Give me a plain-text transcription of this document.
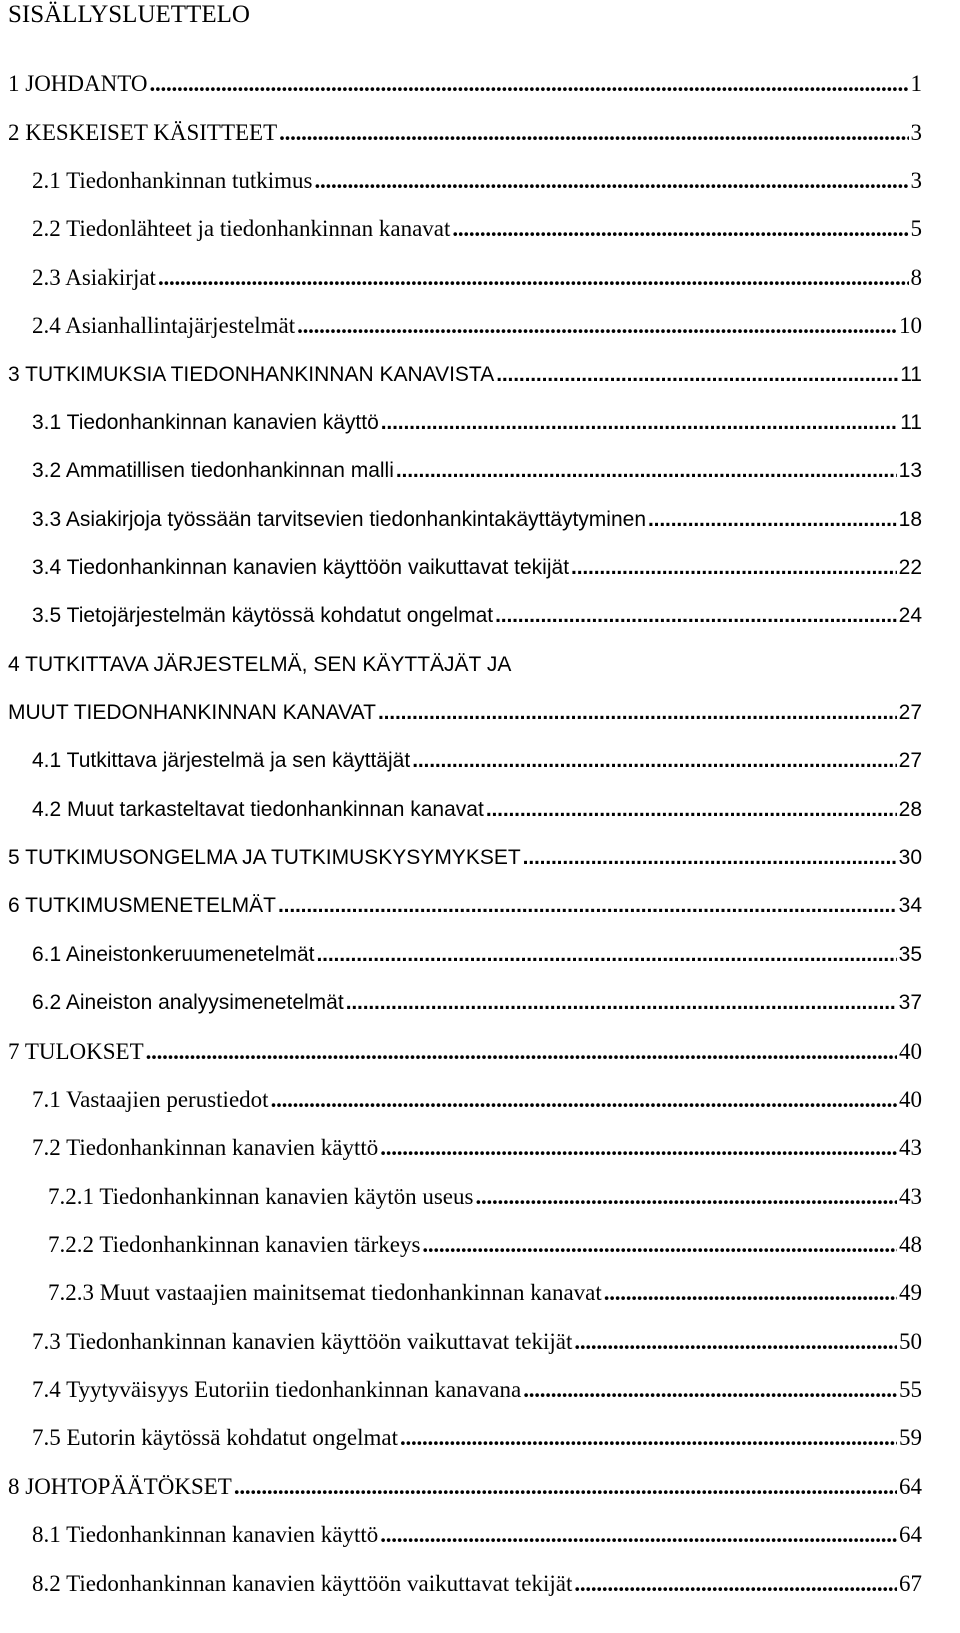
SISÄLLYSLUETTELO
1 JOHDANTO . . .	1
2 KESKEISET KÄSITTEET . . .	3
2.1 Tiedonhankinnan tutkimus . . .	3
2.2 Tiedonlähteet ja tiedonhankinnan kanavat . . .	5
2.3 Asiakirjat . . .	8
2.4 Asianhallintajärjestelmät . . .	10
3 TUTKIMUKSIA TIEDONHANKINNAN KANAVISTA . . .	11
3.1 Tiedonhankinnan kanavien käyttö . . .	11
3.2 Ammatillisen tiedonhankinnan malli . . .	13
3.3 Asiakirjoja työssään tarvitsevien tiedonhankintakäyttäytyminen . . .	18
3.4 Tiedonhankinnan kanavien käyttöön vaikuttavat tekijät . . .	22
3.5 Tietojärjestelmän käytössä kohdatut ongelmat . . .	24
4 TUTKITTAVA JÄRJESTELMÄ, SEN KÄYTTÄJÄT JA
MUUT TIEDONHANKINNAN KANAVAT . . .	27
4.1 Tutkittava järjestelmä ja sen käyttäjät . . .	27
4.2 Muut tarkasteltavat tiedonhankinnan kanavat . . .	28
5 TUTKIMUSONGELMA JA TUTKIMUSKYSYMYKSET . . .	30
6 TUTKIMUSMENETELMÄT . . .	34
6.1 Aineistonkeruumenetelmät . . .	35
6.2 Aineiston analyysimenetelmät . . .	37
7 TULOKSET . . .	40
7.1 Vastaajien perustiedot . . .	40
7.2 Tiedonhankinnan kanavien käyttö . . .	43
7.2.1 Tiedonhankinnan kanavien käytön useus . . .	43
7.2.2 Tiedonhankinnan kanavien tärkeys . . .	48
7.2.3 Muut vastaajien mainitsemat tiedonhankinnan kanavat . . .	49
7.3 Tiedonhankinnan kanavien käyttöön vaikuttavat tekijät . . .	50
7.4 Tyytyväisyys Eutoriin tiedonhankinnan kanavana . . .	55
7.5 Eutorin käytössä kohdatut ongelmat . . .	59
8 JOHTOPÄÄTÖKSET . . .	64
8.1 Tiedonhankinnan kanavien käyttö . . .	64
8.2 Tiedonhankinnan kanavien käyttöön vaikuttavat tekijät . . .	67
